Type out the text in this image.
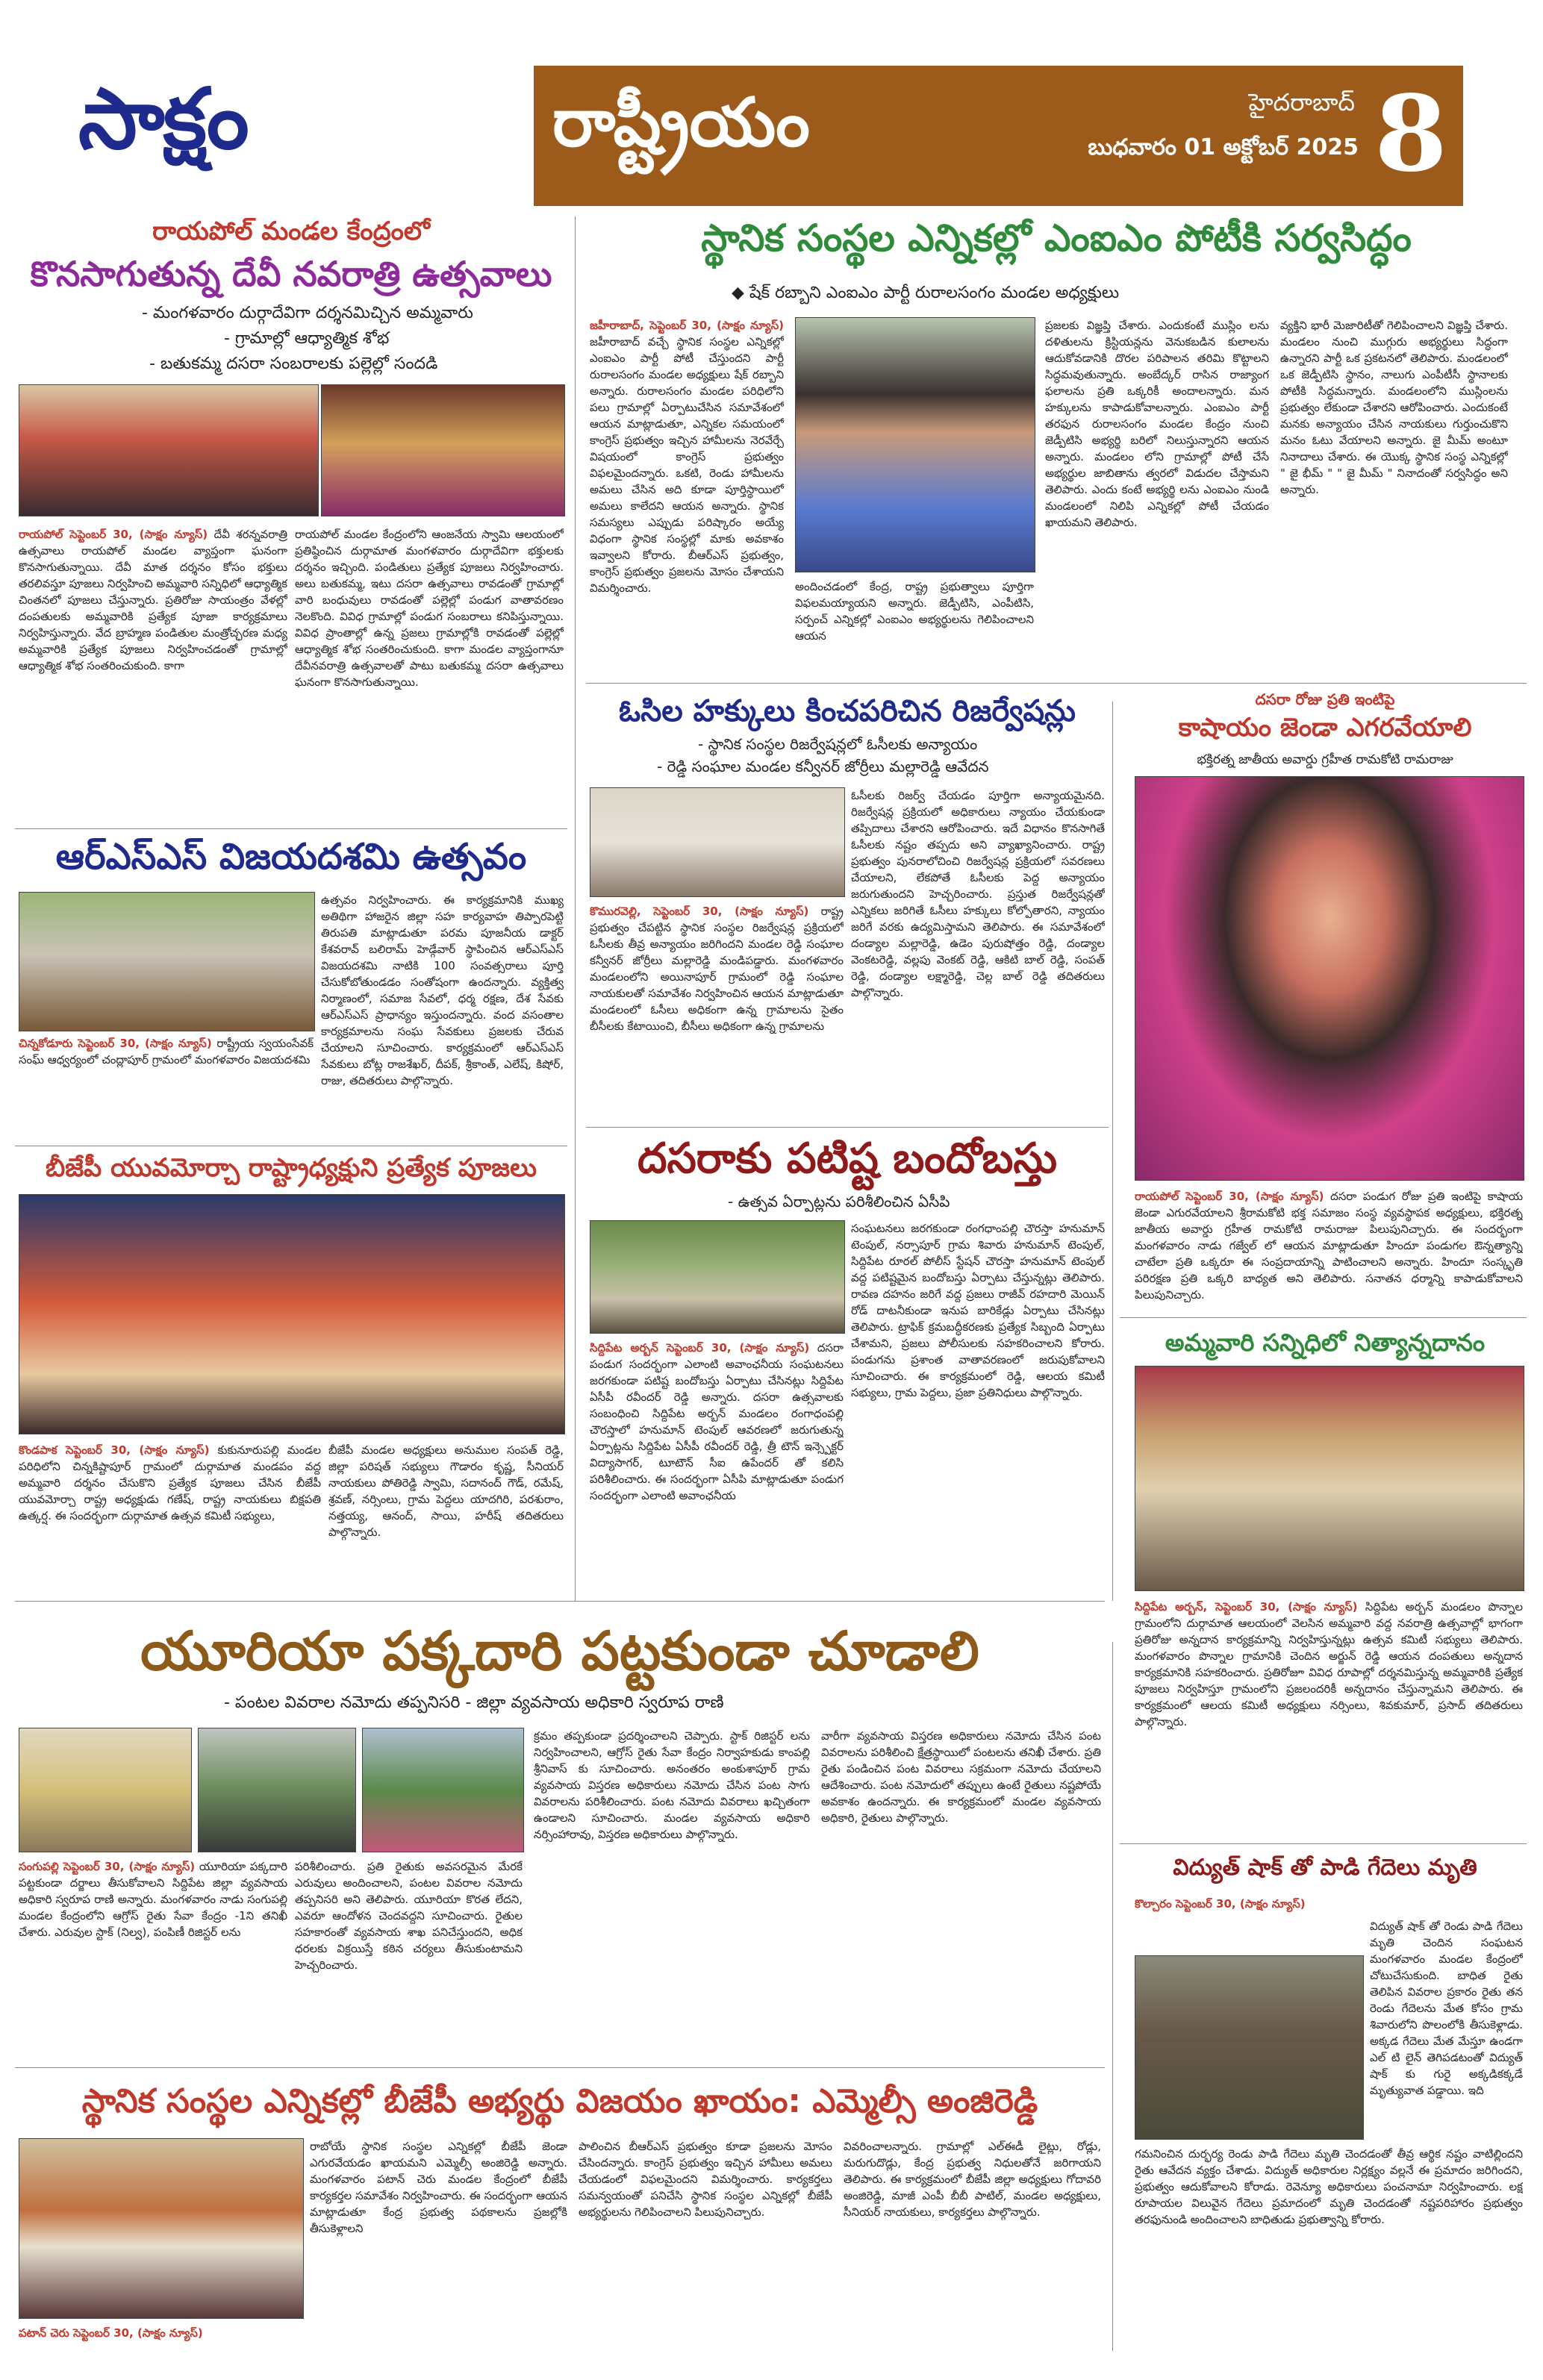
సాక్షం	రాష్ట్రీయం	హైదరాబాద్
బుధవారం 01 అక్టోబర్ 2025 8
రాయపోల్ మండల కేంద్రంలో
కొనసాగుతున్న దేవీ నవరాత్రి ఉత్సవాలు
- మంగళవారం దుర్గాదేవిగా దర్శనమిచ్చిన అమ్మవారు
- గ్రామాల్లో ఆధ్యాత్మిక శోభ
- బతుకమ్మ దసరా సంబరాలకు పల్లెల్లో సందడి
రాయపోల్ సెప్టెంబర్ 30, (సాక్షం న్యూస్) దేవీ శరన్నవరాత్రి ఉత్సవాలు రాయపోల్ మండల వ్యాప్తంగా ఘనంగా కొనసాగుతున్నాయి. దేవీ మాత దర్శనం కోసం భక్తులు తరలివస్తూ పూజలు నిర్వహించి అమ్మవారి సన్నిధిలో ఆధ్యాత్మిక చింతనలో పూజలు చేస్తున్నారు. ప్రతిరోజు సాయంత్రం వేళల్లో దంపతులకు అమ్మవారికి ప్రత్యేక పూజా కార్యక్రమాలు నిర్వహిస్తున్నారు. వేద బ్రాహ్మణ పండితుల మంత్రోచ్ఛరణ మధ్య అమ్మవారికి ప్రత్యేక పూజలు నిర్వహించడంతో గ్రామాల్లో ఆధ్యాత్మిక శోభ సంతరించుకుంది. కాగా
రాయపోల్ మండల కేంద్రంలోని ఆంజనేయ స్వామి ఆలయంలో ప్రతిష్ఠించిన దుర్గామాత మంగళవారం దుర్గాదేవిగా భక్తులకు దర్శనం ఇచ్చింది. పండితులు ప్రత్యేక పూజలు నిర్వహించారు. అలు బతుకమ్మ, ఇటు దసరా ఉత్సవాలు రావడంతో గ్రామాల్లో వారి బంధువులు రావడంతో పల్లెల్లో పండుగ వాతావరణం నెలకొంది. వివిధ గ్రామాల్లో పండుగ సంబరాలు కనిపిస్తున్నాయి. వివిధ ప్రాంతాల్లో ఉన్న ప్రజలు గ్రామాల్లోకి రావడంతో పల్లెల్లో ఆధ్యాత్మిక శోభ సంతరించుకుంది. కాగా మండల వ్యాప్తంగానూ దేవీనవరాత్రి ఉత్సవాలతో పాటు బతుకమ్మ దసరా ఉత్సవాలు ఘనంగా కొనసాగుతున్నాయి.
ఆర్ఎస్ఎస్ విజయదశమి ఉత్సవం
చిన్నకోడూరు సెప్టెంబర్ 30, (సాక్షం న్యూస్) రాష్ట్రీయ స్వయంసేవక్ సంఘ్ ఆధ్వర్యంలో చంద్లాపూర్ గ్రామంలో మంగళవారం విజయదశమి
ఉత్సవం నిర్వహించారు. ఈ కార్యక్రమానికి ముఖ్య అతిథిగా హాజరైన జిల్లా సహ కార్యవాహ తిప్పారపెట్టి తిరుపతి మాట్లాడుతూ పరమ పూజనీయ డాక్టర్ కేశవరావ్ బలిరామ్ హెడ్గేవార్ స్థాపించిన ఆర్ఎస్ఎస్ విజయదశమి నాటికి 100 సంవత్సరాలు పూర్తి చేసుకోబోతుండడం సంతోషంగా ఉందన్నారు. వ్యక్తిత్వ నిర్మాణంలో, సమాజ సేవలో, ధర్మ రక్షణ, దేశ సేవకు ఆర్ఎస్ఎస్ ప్రాధాన్యం ఇస్తుందన్నారు. వంద వసంతాల కార్యక్రమాలను సంఘ సేవకులు ప్రజలకు చేరువ చేయాలని సూచించారు. కార్యక్రమంలో ఆర్ఎస్ఎస్ సేవకులు బోట్ల రాజశేఖర్, దీపక్, శ్రీకాంత్, ఎలేష్, కిషోర్, రాజు, తదితరులు పాల్గొన్నారు.
బీజేపీ యువమోర్చా రాష్ట్రాధ్యక్షుని ప్రత్యేక పూజలు
కొండపాక సెప్టెంబర్ 30, (సాక్షం న్యూస్) కుకునూరుపల్లి మండల పరిధిలోని చిన్నకిష్టాపూర్ గ్రామంలో దుర్గామాత మండపం వద్ద అమ్మవారి దర్శనం చేసుకొని ప్రత్యేక పూజలు చేసిన బీజేపీ యువమోర్చా రాష్ట్ర అధ్యక్షుడు గణేష్, రాష్ట్ర నాయకులు బిక్షపతి ఉత్కర్ష. ఈ సందర్భంగా దుర్గామాత ఉత్సవ కమిటీ సభ్యులు,
బీజేపీ మండల అధ్యక్షులు అనుముల సంపత్ రెడ్డి, జిల్లా పరిషత్ సభ్యులు గౌడారం కృష్ణ, సీనియర్ నాయకులు పోతిరెడ్డి స్వామి, సదానంద్ గౌడ్, రమేష్, శ్రవణ్, నర్సింలు, గ్రామ పెద్దలు యాదగిరి, పరశురాం, నత్తయ్య, ఆనంద్, సాయి, హరీష్ తదితరులు పాల్గొన్నారు.
స్థానిక సంస్థల ఎన్నికల్లో ఎంఐఎం పోటీకి సర్వసిద్ధం
◆ షేక్ రబ్బాని ఎంఐఎం పార్టీ రురాలసంగం మండల అధ్యక్షులు
జహీరాబాద్, సెప్టెంబర్ 30, (సాక్షం న్యూస్) జహీరాబాద్ వచ్చే స్థానిక సంస్థల ఎన్నికల్లో ఎంఐఎం పార్టీ పోటీ చేస్తుందని పార్టీ రురాలసంగం మండల అధ్యక్షులు షేక్ రబ్బాని అన్నారు. రురాలసంగం మండల పరిధిలోని పలు గ్రామాల్లో ఏర్పాటుచేసిన సమావేశంలో ఆయన మాట్లాడుతూ, ఎన్నికల సమయంలో కాంగ్రెస్ ప్రభుత్వం ఇచ్చిన హామీలను నెరవేర్చే విషయంలో కాంగ్రెస్ ప్రభుత్వం విఫలమైందన్నారు. ఒకటి, రెండు హామీలను అమలు చేసిన అది కూడా పూర్తిస్థాయిలో అమలు కాలేదని ఆయన అన్నారు. స్థానిక సమస్యలు ఎప్పుడు పరిష్కారం అయ్యే విధంగా స్థానిక సంస్థల్లో మాకు అవకాశం ఇవ్వాలని కోరారు. బీఆర్ఎస్ ప్రభుత్వం, కాంగ్రెస్ ప్రభుత్వం ప్రజలను మోసం చేశాయని విమర్శించారు.	అందించడంలో కేంద్ర, రాష్ట్ర ప్రభుత్వాలు పూర్తిగా విఫలమయ్యాయని అన్నారు. జెడ్పీటిసి, ఎంపీటిసి, సర్పంచ్ ఎన్నికల్లో ఎంఐఎం అభ్యర్థులను గెలిపించాలని ఆయన
ప్రజలకు విజ్ఞప్తి చేశారు. ఎందుకంటే ముస్లిం లను దళితులను క్రిస్టియన్లను వెనుకబడిన కులాలను ఆదుకోవడానికి దొరల పరిపాలన తరిమి కొట్టాలని సిద్ధమవుతున్నారు. అంబేద్కర్ రాసిన రాజ్యాంగ ఫలాలను ప్రతి ఒక్కరికీ అందాలన్నారు. మన హక్కులను కాపాడుకోవాలన్నారు. ఎంఐఎం పార్టీ తరఫున రురాలసంగం మండల కేంద్రం నుంచి జెడ్పీటిసి అభ్యర్థి బరిలో నిలుస్తున్నారని ఆయన అన్నారు. మండలం లోని గ్రామాల్లో పోటీ చేసే అభ్యర్థుల జాబితాను త్వరలో విడుదల చేస్తామని తెలిపారు. ఎందు కంటే అభ్యర్థి లను ఎంఐఎం నుండి మండలంలో నిలిపి ఎన్నికల్లో పోటీ చేయడం ఖాయమని తెలిపారు.
వ్యక్తిని భారీ మెజారిటీతో గెలిపించాలని విజ్ఞప్తి చేశారు. మండలం నుంచి ముగ్గురు అభ్యర్థులు సిద్ధంగా ఉన్నారని పార్టీ ఒక ప్రకటనలో తెలిపారు. మండలంలో ఒక జెడ్పీటిసి స్థానం, నాలుగు ఎంపీటీసీ స్థానాలకు పోటీకి సిద్ధమన్నారు. మండలంలోని ముస్లింలను ప్రభుత్వం లేకుండా చేశారని ఆరోపించారు. ఎందుకంటే మనకు అన్యాయం చేసిన నాయకులు గుర్తుంచుకొని మనం ఓటు వేయాలని అన్నారు. జై మీమ్ అంటూ నినాదాలు చేశారు. ఈ యొక్క స్థానిక సంస్థ ఎన్నికల్లో " జై భీమ్ " " జై మీమ్ " నినాదంతో సర్వసిద్ధం అని అన్నారు.
ఓసిల హక్కులు కించపరిచిన రిజర్వేషన్లు
- స్థానిక సంస్థల రిజర్వేషన్లలో ఓసీలకు అన్యాయం
- రెడ్డి సంఘాల మండల కన్వీనర్ జోర్రీలు మల్లారెడ్డి ఆవేదన
కొమురవెల్లి, సెప్టెంబర్ 30, (సాక్షం న్యూస్) రాష్ట్ర ప్రభుత్వం చేపట్టిన స్థానిక సంస్థల రిజర్వేషన్ల ప్రక్రియలో ఓసీలకు తీవ్ర అన్యాయం జరిగిందని మండల రెడ్డి సంఘాల కన్వీనర్ జోర్రీలు మల్లారెడ్డి మండిపడ్డారు. మంగళవారం మండలంలోని అయినాపూర్ గ్రామంలో రెడ్డి సంఘాల నాయకులతో సమావేశం నిర్వహించిన ఆయన మాట్లాడుతూ మండలంలో ఓసీలు అధికంగా ఉన్న గ్రామాలను సైతం బీసీలకు కేటాయించి, బీసీలు అధికంగా ఉన్న గ్రామాలను
ఓసీలకు రిజర్వ్ చేయడం పూర్తిగా అన్యాయమైనది. రిజర్వేషన్ల ప్రక్రియలో అధికారులు న్యాయం చేయకుండా తప్పిదాలు చేశారని ఆరోపించారు. ఇదే విధానం కొనసాగితే ఓసీలకు నష్టం తప్పదు అని వ్యాఖ్యానించారు. రాష్ట్ర ప్రభుత్వం పునరాలోచించి రిజర్వేషన్ల ప్రక్రియలో సవరణలు చేయాలని, లేకపోతే ఓసీలకు పెద్ద అన్యాయం జరుగుతుందని హెచ్చరించారు. ప్రస్తుత రిజర్వేషన్లతో ఎన్నికలు జరిగితే ఓసీలు హక్కులు కోల్పోతారని, న్యాయం జరిగే వరకు ఉద్యమిస్తామని తెలిపారు. ఈ సమావేశంలో దండ్యాల మల్లారెడ్డి, ఉడెం పురుషోత్తం రెడ్డి, దండ్యాల వెంకటరెడ్డి, వల్లపు వెంకట్ రెడ్డి, ఆకిటి బాల్ రెడ్డి, సంపత్ రెడ్డి, దండ్యాల లక్ష్మారెడ్డి, చెల్ల బాల్ రెడ్డి తదితరులు పాల్గొన్నారు.
దసరాకు పటిష్ట బందోబస్తు
- ఉత్సవ ఏర్పాట్లను పరిశీలించిన ఏసీపి
సిద్దిపేట అర్బన్ సెప్టెంబర్ 30, (సాక్షం న్యూస్) దసరా పండుగ సందర్భంగా ఎలాంటి అవాంఛనీయ సంఘటనలు జరగకుండా పటిష్ట బందోబస్తు ఏర్పాటు చేసినట్లు సిద్దిపేట ఏసీపీ రవీందర్ రెడ్డి అన్నారు. దసరా ఉత్సవాలకు సంబంధించి సిద్దిపేట అర్బన్ మండలం రంగాధంపల్లి చౌరస్తాలో హనుమాన్ టెంపుల్ ఆవరణలో జరుగుతున్న ఏర్పాట్లను సిద్దిపేట ఏసీపీ రవీందర్ రెడ్డి, త్రీ టౌన్ ఇన్స్పెక్టర్ విద్యాసాగర్, టూటౌన్ సీఐ ఉపేందర్ తో కలిసి పరిశీలించారు. ఈ సందర్భంగా ఏసీపి మాట్లాడుతూ పండుగ సందర్భంగా ఎలాంటి అవాంఛనీయ
సంఘటనలు జరగకుండా రంగధాంపల్లి చౌరస్తా హనుమాన్ టెంపుల్, నర్సాపూర్ గ్రామ శివారు హనుమాన్ టెంపుల్, సిద్దిపేట రూరల్ పోలీస్ స్టేషన్ చౌరస్తా హనుమాన్ టెంపుల్ వద్ద పటిష్టమైన బందోబస్తు ఏర్పాటు చేస్తున్నట్లు తెలిపారు. రావణ దహనం జరిగే వద్ద ప్రజలు రాజీవ్ రహదారి మెయిన్ రోడ్ దాటనీకుండా ఇనుప బారికేడ్లు ఏర్పాటు చేసినట్లు తెలిపారు. ట్రాఫిక్ క్రమబద్ధీకరణకు ప్రత్యేక సిబ్బంది ఏర్పాటు చేశామని, ప్రజలు పోలీసులకు సహకరించాలని కోరారు. పండుగను ప్రశాంత వాతావరణంలో జరుపుకోవాలని సూచించారు. ఈ కార్యక్రమంలో రెడ్డి, ఆలయ కమిటీ సభ్యులు, గ్రామ పెద్దలు, ప్రజా ప్రతినిధులు పాల్గొన్నారు.
దసరా రోజు ప్రతి ఇంటిపై
కాషాయం జెండా ఎగరవేయాలి
భక్తిరత్న జాతీయ అవార్డు గ్రహీత రామకోటి రామరాజు
రాయపోల్ సెప్టెంబర్ 30, (సాక్షం న్యూస్) దసరా పండుగ రోజు ప్రతి ఇంటిపై కాషాయ జెండా ఎగురవేయాలని శ్రీరామకోటి భక్త సమాజం సంస్థ వ్యవస్థాపక అధ్యక్షులు, భక్తిరత్న జాతీయ అవార్డు గ్రహీత రామకోటి రామరాజు పిలుపునిచ్చారు. ఈ సందర్భంగా మంగళవారం నాడు గజ్వేల్ లో ఆయన మాట్లాడుతూ హిందూ పండుగల ఔన్నత్యాన్ని చాటేలా ప్రతి ఒక్కరూ ఈ సంప్రదాయాన్ని పాటించాలని అన్నారు. హిందూ సంస్కృతి పరిరక్షణ ప్రతి ఒక్కరి బాధ్యత అని తెలిపారు. సనాతన ధర్మాన్ని కాపాడుకోవాలని పిలుపునిచ్చారు.
అమ్మవారి సన్నిధిలో నిత్యాన్నదానం
సిద్దిపేట అర్బన్, సెప్టెంబర్ 30, (సాక్షం న్యూస్) సిద్దిపేట అర్బన్ మండలం పొన్నాల గ్రామంలోని దుర్గామాత ఆలయంలో వెలసిన అమ్మవారి వద్ద నవరాత్రి ఉత్సవాల్లో భాగంగా ప్రతిరోజు అన్నదాన కార్యక్రమాన్ని నిర్వహిస్తున్నట్లు ఉత్సవ కమిటీ సభ్యులు తెలిపారు. మంగళవారం పొన్నాల గ్రామానికి చెందిన అర్జున్ రెడ్డి ఆయన దంపతులు అన్నదాన కార్యక్రమానికి సహకరించారు. ప్రతిరోజూ వివిధ రూపాల్లో దర్శనమిస్తున్న అమ్మవారికి ప్రత్యేక పూజలు నిర్వహిస్తూ గ్రామంలోని ప్రజలందరికీ అన్నదానం చేస్తున్నామని తెలిపారు. ఈ కార్యక్రమంలో ఆలయ కమిటీ అధ్యక్షులు నర్సింలు, శివకుమార్, ప్రసాద్ తదితరులు పాల్గొన్నారు.
విద్యుత్ షాక్ తో పాడి గేదెలు మృతి
కొల్చారం సెప్టెంబర్ 30, (సాక్షం న్యూస్)
విద్యుత్ షాక్ తో రెండు పాడి గేదెలు మృతి చెందిన సంఘటన మంగళవారం మండల కేంద్రంలో చోటుచేసుకుంది. బాధిత రైతు తెలిపిన వివరాల ప్రకారం రైతు తన రెండు గేదెలను మేత కోసం గ్రామ శివారులోని పొలంలోకి తీసుకెళ్లాడు. అక్కడ గేదెలు మేత మేస్తూ ఉండగా ఎల్ టి లైన్ తెగిపడటంతో విద్యుత్ షాక్ కు గురై అక్కడికక్కడే మృత్యువాత పడ్డాయి. ఇది
గమనించిన దుర్భర్య రెండు పాడి గేదెలు మృతి చెందడంతో తీవ్ర ఆర్థిక నష్టం వాటిల్లిందని రైతు ఆవేదన వ్యక్తం చేశాడు. విద్యుత్ అధికారుల నిర్లక్ష్యం వల్లనే ఈ ప్రమాదం జరిగిందని, ప్రభుత్వం ఆదుకోవాలని కోరాడు. రెవెన్యూ అధికారులు పంచనామా నిర్వహించారు. లక్ష రూపాయల విలువైన గేదెలు ప్రమాదంలో మృతి చెందడంతో నష్టపరిహారం ప్రభుత్వం తరఫునుండి అందించాలని బాధితుడు ప్రభుత్వాన్ని కోరారు.
యూరియా పక్కదారి పట్టకుండా చూడాలి
- పంటల వివరాల నమోదు తప్పనిసరి - జిల్లా వ్యవసాయ అధికారి స్వరూప రాణి
సంగుపల్లి సెప్టెంబర్ 30, (సాక్షం న్యూస్) యూరియా పక్కదారి పట్టకుండా దర్జాలు తీసుకోవాలని సిద్దిపేట జిల్లా వ్యవసాయ అధికారి స్వరూప రాణి అన్నారు. మంగళవారం నాడు సంగుపల్లి మండల కేంద్రంలోని ఆగ్రోస్ రైతు సేవా కేంద్రం -1ని తనిఖీ చేశారు. ఎరువుల స్టాక్ (నిల్వ), పంపిణీ రిజిస్టర్ లను
పరిశీలించారు. ప్రతి రైతుకు అవసరమైన మేరకే ఎరువులు అందించాలని, పంటల వివరాల నమోదు తప్పనిసరి అని తెలిపారు. యూరియా కొరత లేదని, ఎవరూ ఆందోళన చెందవద్దని సూచించారు. రైతుల సహకారంతో వ్యవసాయ శాఖ పనిచేస్తుందని, అధిక ధరలకు విక్రయిస్తే కఠిన చర్యలు తీసుకుంటామని హెచ్చరించారు.
క్రమం తప్పకుండా ప్రదర్శించాలని చెప్పారు. స్టాక్ రిజిస్టర్ లను నిర్వహించాలని, ఆగ్రోస్ రైతు సేవా కేంద్రం నిర్వాహకుడు కాంపల్లి శ్రీనివాస్ కు సూచించారు. అనంతరం అంకుశాపూర్ గ్రామ వ్యవసాయ విస్తరణ అధికారులు నమోదు చేసిన పంట సాగు వివరాలను పరిశీలించారు. పంట నమోదు వివరాలు ఖచ్చితంగా ఉండాలని సూచించారు. మండల వ్యవసాయ అధికారి నర్సింహారావు, విస్తరణ అధికారులు పాల్గొన్నారు.
వారీగా వ్యవసాయ విస్తరణ అధికారులు నమోదు చేసిన పంట వివరాలను పరిశీలించి క్షేత్రస్థాయిలో పంటలను తనిఖీ చేశారు. ప్రతి రైతు పండించిన పంట వివరాలు సక్రమంగా నమోదు చేయాలని ఆదేశించారు. పంట నమోదులో తప్పులు ఉంటే రైతులు నష్టపోయే అవకాశం ఉందన్నారు. ఈ కార్యక్రమంలో మండల వ్యవసాయ అధికారి, రైతులు పాల్గొన్నారు.
స్థానిక సంస్థల ఎన్నికల్లో బీజేపీ అభ్యర్థు విజయం ఖాయం: ఎమ్మెల్సీ అంజిరెడ్డి
పటాన్ చెరు సెప్టెంబర్ 30, (సాక్షం న్యూస్)
రాబోయే స్థానిక సంస్థల ఎన్నికల్లో బీజేపీ జెండా ఎగురవేయడం ఖాయమని ఎమ్మెల్సీ అంజిరెడ్డి అన్నారు. మంగళవారం పటాన్ చెరు మండల కేంద్రంలో బీజేపీ కార్యకర్తల సమావేశం నిర్వహించారు. ఈ సందర్భంగా ఆయన మాట్లాడుతూ కేంద్ర ప్రభుత్వ పథకాలను ప్రజల్లోకి తీసుకెళ్లాలని
పాలించిన బీఆర్ఎస్ ప్రభుత్వం కూడా ప్రజలను మోసం చేసిందన్నారు. కాంగ్రెస్ ప్రభుత్వం ఇచ్చిన హామీలు అమలు చేయడంలో విఫలమైందని విమర్శించారు. కార్యకర్తలు సమన్వయంతో పనిచేసి స్థానిక సంస్థల ఎన్నికల్లో బీజేపీ అభ్యర్థులను గెలిపించాలని పిలుపునిచ్చారు.
వివరించాలన్నారు. గ్రామాల్లో ఎల్ఈడీ లైట్లు, రోడ్లు, మరుగుదొడ్లు, కేంద్ర ప్రభుత్వ నిధులతోనే జరిగాయని తెలిపారు. ఈ కార్యక్రమంలో బీజేపీ జిల్లా అధ్యక్షులు గోదావరి అంజిరెడ్డి, మాజీ ఎంపీ బీబీ పాటిల్, మండల అధ్యక్షులు, సీనియర్ నాయకులు, కార్యకర్తలు పాల్గొన్నారు.
